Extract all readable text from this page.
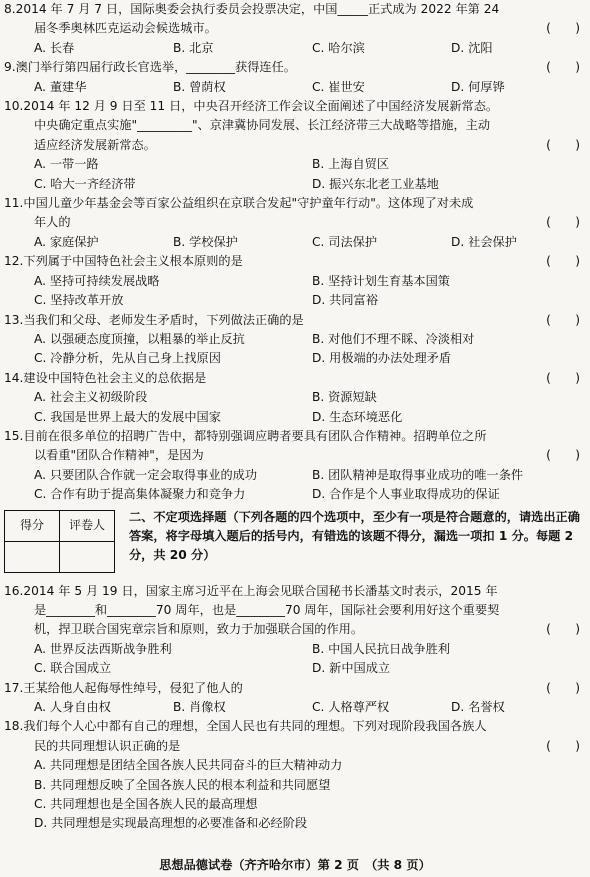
8.2014 年 7 月 7 日，国际奥委会执行委员会投票决定，中国_____正式成为 2022 年第 24
届冬季奥林匹克运动会候选城市。	(　　)
A. 长春	B. 北京	C. 哈尔滨	D. 沈阳
9.澳门举行第四届行政长官选举，________获得连任。	(　　)
A. 董建华	B. 曾荫权	C. 崔世安	D. 何厚铧
10.2014 年 12 月 9 日至 11 日，中央召开经济工作会议全面阐述了中国经济发展新常态。
中央确定重点实施"_________"、京津冀协同发展、长江经济带三大战略等措施，主动
适应经济发展新常态。	(　　)
A. 一带一路	B. 上海自贸区
C. 哈大一齐经济带	D. 振兴东北老工业基地
11.中国儿童少年基金会等百家公益组织在京联合发起"守护童年行动"。这体现了对未成
年人的	(　　)
A. 家庭保护	B. 学校保护	C. 司法保护	D. 社会保护
12.下列属于中国特色社会主义根本原则的是	(　　)
A. 坚持可持续发展战略	B. 坚持计划生育基本国策
C. 坚持改革开放	D. 共同富裕
13.当我们和父母、老师发生矛盾时，下列做法正确的是	(　　)
A. 以强硬态度顶撞，以粗暴的举止反抗	B. 对他们不理不睬、冷淡相对
C. 冷静分析，先从自己身上找原因	D. 用极端的办法处理矛盾
14.建设中国特色社会主义的总依据是	(　　)
A. 社会主义初级阶段	B. 资源短缺
C. 我国是世界上最大的发展中国家	D. 生态环境恶化
15.目前在很多单位的招聘广告中，都特别强调应聘者要具有团队合作精神。招聘单位之所
以看重"团队合作精神"，是因为	(　　)
A. 只要团队合作就一定会取得事业的成功	B. 团队精神是取得事业成功的唯一条件
C. 合作有助于提高集体凝聚力和竞争力	D. 合作是个人事业取得成功的保证
得分	评卷人

二、不定项选择题（下列各题的四个选项中，至少有一项是符合题意的，请选出正确答案，将字母填入题后的括号内，有错选的该题不得分，漏选一项扣 1 分。每题 2 分，共 20 分）
16.2014 年 5 月 19 日，国家主席习近平在上海会见联合国秘书长潘基文时表示，2015 年
是________和________70 周年，也是________70 周年，国际社会要利用好这个重要契
机，捍卫联合国宪章宗旨和原则，致力于加强联合国的作用。	(　　)
A. 世界反法西斯战争胜利	B. 中国人民抗日战争胜利
C. 联合国成立	D. 新中国成立
17.王某给他人起侮辱性绰号，侵犯了他人的	(　　)
A. 人身自由权	B. 肖像权	C. 人格尊严权	D. 名誉权
18.我们每个人心中都有自己的理想，全国人民也有共同的理想。下列对现阶段我国各族人
民的共同理想认识正确的是	(　　)
A. 共同理想是团结全国各族人民共同奋斗的巨大精神动力
B. 共同理想反映了全国各族人民的根本利益和共同愿望
C. 共同理想也是全国各族人民的最高理想
D. 共同理想是实现最高理想的必要准备和必经阶段
思想品德试卷（齐齐哈尔市）第 2 页　（共 8 页）
